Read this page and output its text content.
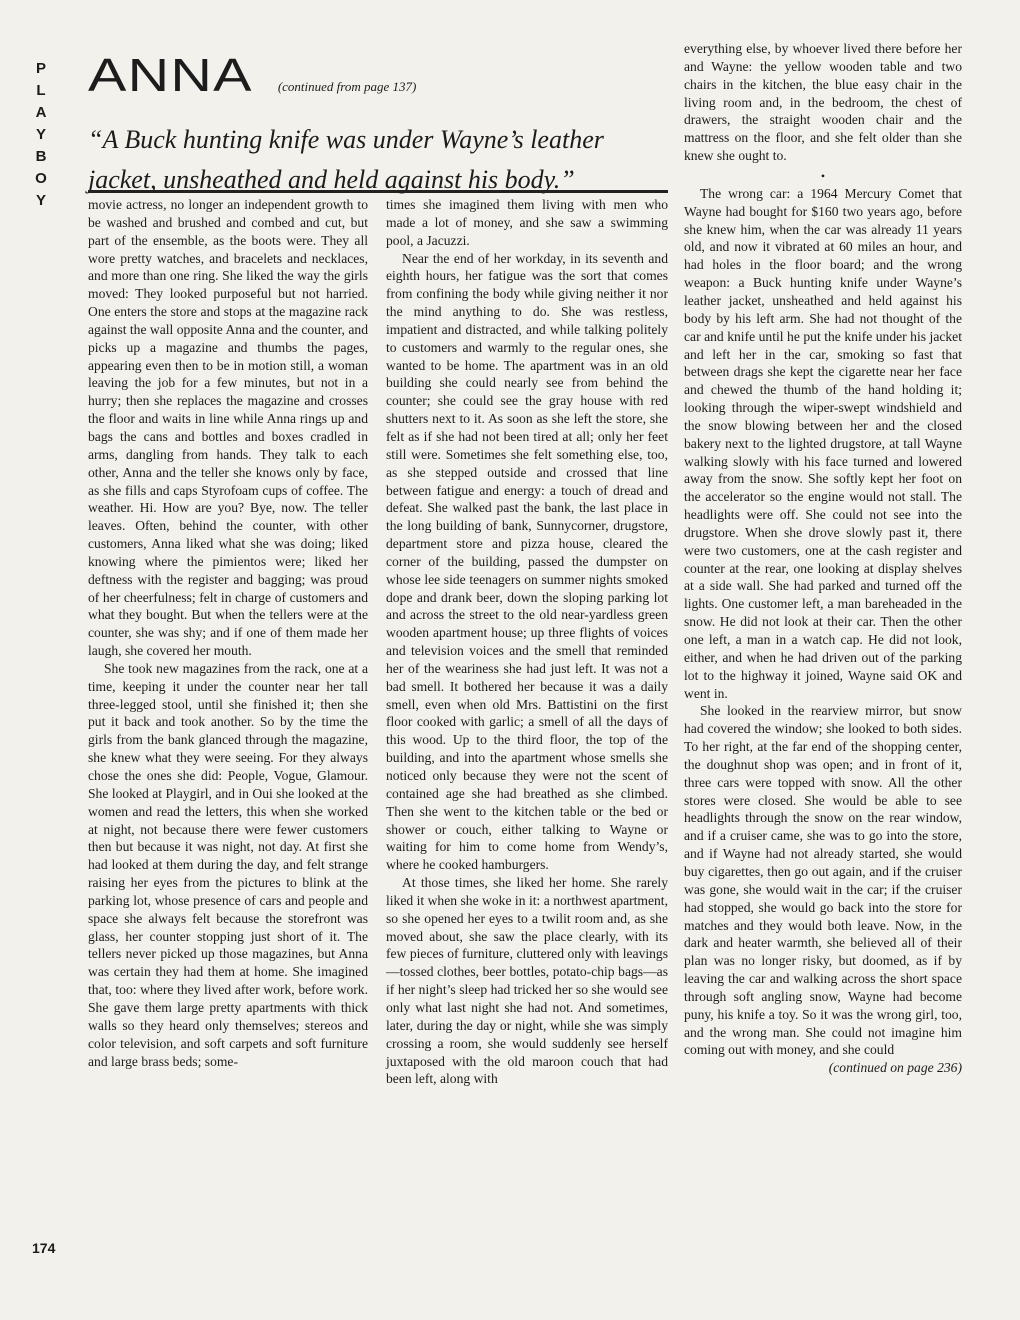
P
L
A
Y
B
O
Y
ANNA (continued from page 137)
“A Buck hunting knife was under Wayne’s leather jacket, unsheathed and held against his body.”

movie actress, no longer an independent growth to be washed and brushed and combed and cut, but part of the ensemble, as the boots were. They all wore pretty watches, and bracelets and necklaces, and more than one ring. She liked the way the girls moved: They looked purposeful but not harried. One enters the store and stops at the magazine rack against the wall opposite Anna and the counter, and picks up a magazine and thumbs the pages, appearing even then to be in motion still, a woman leaving the job for a few minutes, but not in a hurry; then she replaces the magazine and crosses the floor and waits in line while Anna rings up and bags the cans and bottles and boxes cradled in arms, dangling from hands. They talk to each other, Anna and the teller she knows only by face, as she fills and caps Styrofoam cups of coffee. The weather. Hi. How are you? Bye, now. The teller leaves. Often, behind the counter, with other customers, Anna liked what she was doing; liked knowing where the pimientos were; liked her deftness with the register and bagging; was proud of her cheerfulness; felt in charge of customers and what they bought. But when the tellers were at the counter, she was shy; and if one of them made her laugh, she covered her mouth.

She took new magazines from the rack, one at a time, keeping it under the counter near her tall three-legged stool, until she finished it; then she put it back and took another. So by the time the girls from the bank glanced through the magazine, she knew what they were seeing. For they always chose the ones she did: People, Vogue, Glamour. She looked at Playgirl, and in Oui she looked at the women and read the letters, this when she worked at night, not because there were fewer customers then but because it was night, not day. At first she had looked at them during the day, and felt strange raising her eyes from the pictures to blink at the parking lot, whose presence of cars and people and space she always felt because the storefront was glass, her counter stopping just short of it. The tellers never picked up those magazines, but Anna was certain they had them at home. She imagined that, too: where they lived after work, before work. She gave them large pretty apartments with thick walls so they heard only themselves; stereos and color television, and soft carpets and soft furniture and large brass beds; some-

times she imagined them living with men who made a lot of money, and she saw a swimming pool, a Jacuzzi.

Near the end of her workday, in its seventh and eighth hours, her fatigue was the sort that comes from confining the body while giving neither it nor the mind anything to do. She was restless, impatient and distracted, and while talking politely to customers and warmly to the regular ones, she wanted to be home. The apartment was in an old building she could nearly see from behind the counter; she could see the gray house with red shutters next to it. As soon as she left the store, she felt as if she had not been tired at all; only her feet still were. Sometimes she felt something else, too, as she stepped outside and crossed that line between fatigue and energy: a touch of dread and defeat. She walked past the bank, the last place in the long building of bank, Sunnycorner, drugstore, department store and pizza house, cleared the corner of the building, passed the dumpster on whose lee side teenagers on summer nights smoked dope and drank beer, down the sloping parking lot and across the street to the old near-yardless green wooden apartment house; up three flights of voices and television voices and the smell that reminded her of the weariness she had just left. It was not a bad smell. It bothered her because it was a daily smell, even when old Mrs. Battistini on the first floor cooked with garlic; a smell of all the days of this wood. Up to the third floor, the top of the building, and into the apartment whose smells she noticed only because they were not the scent of contained age she had breathed as she climbed. Then she went to the kitchen table or the bed or shower or couch, either talking to Wayne or waiting for him to come home from Wendy’s, where he cooked hamburgers.

At those times, she liked her home. She rarely liked it when she woke in it: a northwest apartment, so she opened her eyes to a twilit room and, as she moved about, she saw the place clearly, with its few pieces of furniture, cluttered only with leavings—tossed clothes, beer bottles, potato-chip bags—as if her night’s sleep had tricked her so she would see only what last night she had not. And sometimes, later, during the day or night, while she was simply crossing a room, she would suddenly see herself juxtaposed with the old maroon couch that had been left, along with

everything else, by whoever lived there before her and Wayne: the yellow wooden table and two chairs in the kitchen, the blue easy chair in the living room and, in the bedroom, the chest of drawers, the straight wooden chair and the mattress on the floor, and she felt older than she knew she ought to.

•

The wrong car: a 1964 Mercury Comet that Wayne had bought for $160 two years ago, before she knew him, when the car was already 11 years old, and now it vibrated at 60 miles an hour, and had holes in the floor board; and the wrong weapon: a Buck hunting knife under Wayne’s leather jacket, unsheathed and held against his body by his left arm. She had not thought of the car and knife until he put the knife under his jacket and left her in the car, smoking so fast that between drags she kept the cigarette near her face and chewed the thumb of the hand holding it; looking through the wiper-swept windshield and the snow blowing between her and the closed bakery next to the lighted drugstore, at tall Wayne walking slowly with his face turned and lowered away from the snow. She softly kept her foot on the accelerator so the engine would not stall. The headlights were off. She could not see into the drugstore. When she drove slowly past it, there were two customers, one at the cash register and counter at the rear, one looking at display shelves at a side wall. She had parked and turned off the lights. One customer left, a man bareheaded in the snow. He did not look at their car. Then the other one left, a man in a watch cap. He did not look, either, and when he had driven out of the parking lot to the highway it joined, Wayne said OK and went in.

She looked in the rearview mirror, but snow had covered the window; she looked to both sides. To her right, at the far end of the shopping center, the doughnut shop was open; and in front of it, three cars were topped with snow. All the other stores were closed. She would be able to see headlights through the snow on the rear window, and if a cruiser came, she was to go into the store, and if Wayne had not already started, she would buy cigarettes, then go out again, and if the cruiser was gone, she would wait in the car; if the cruiser had stopped, she would go back into the store for matches and they would both leave. Now, in the dark and heater warmth, she believed all of their plan was no longer risky, but doomed, as if by leaving the car and walking across the short space through soft angling snow, Wayne had become puny, his knife a toy. So it was the wrong girl, too, and the wrong man. She could not imagine him coming out with money, and she could

(continued on page 236)
174
